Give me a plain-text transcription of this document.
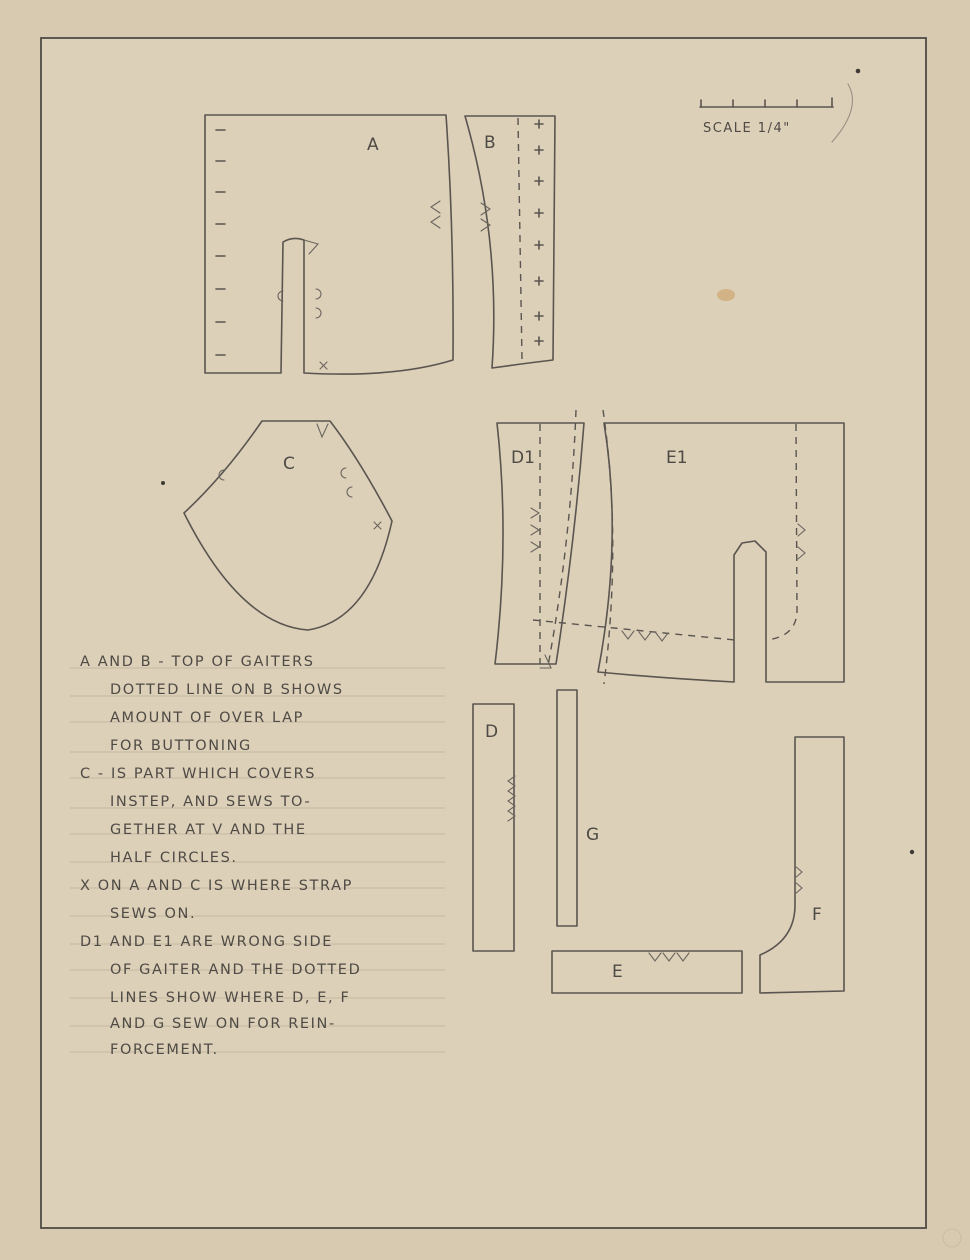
SCALE 1/4"
A	B
C	D1	E1
D
G
E
F
A AND B - TOP OF GAITERS
DOTTED LINE ON B SHOWS
AMOUNT OF OVER LAP
FOR BUTTONING
C - IS PART WHICH COVERS
INSTEP, AND SEWS TO-
GETHER AT V AND THE
HALF CIRCLES.
X ON A AND C IS WHERE STRAP
SEWS ON.
D1 AND E1 ARE WRONG SIDE
OF GAITER AND THE DOTTED
LINES SHOW WHERE D, E, F
AND G SEW ON FOR REIN-
FORCEMENT.
